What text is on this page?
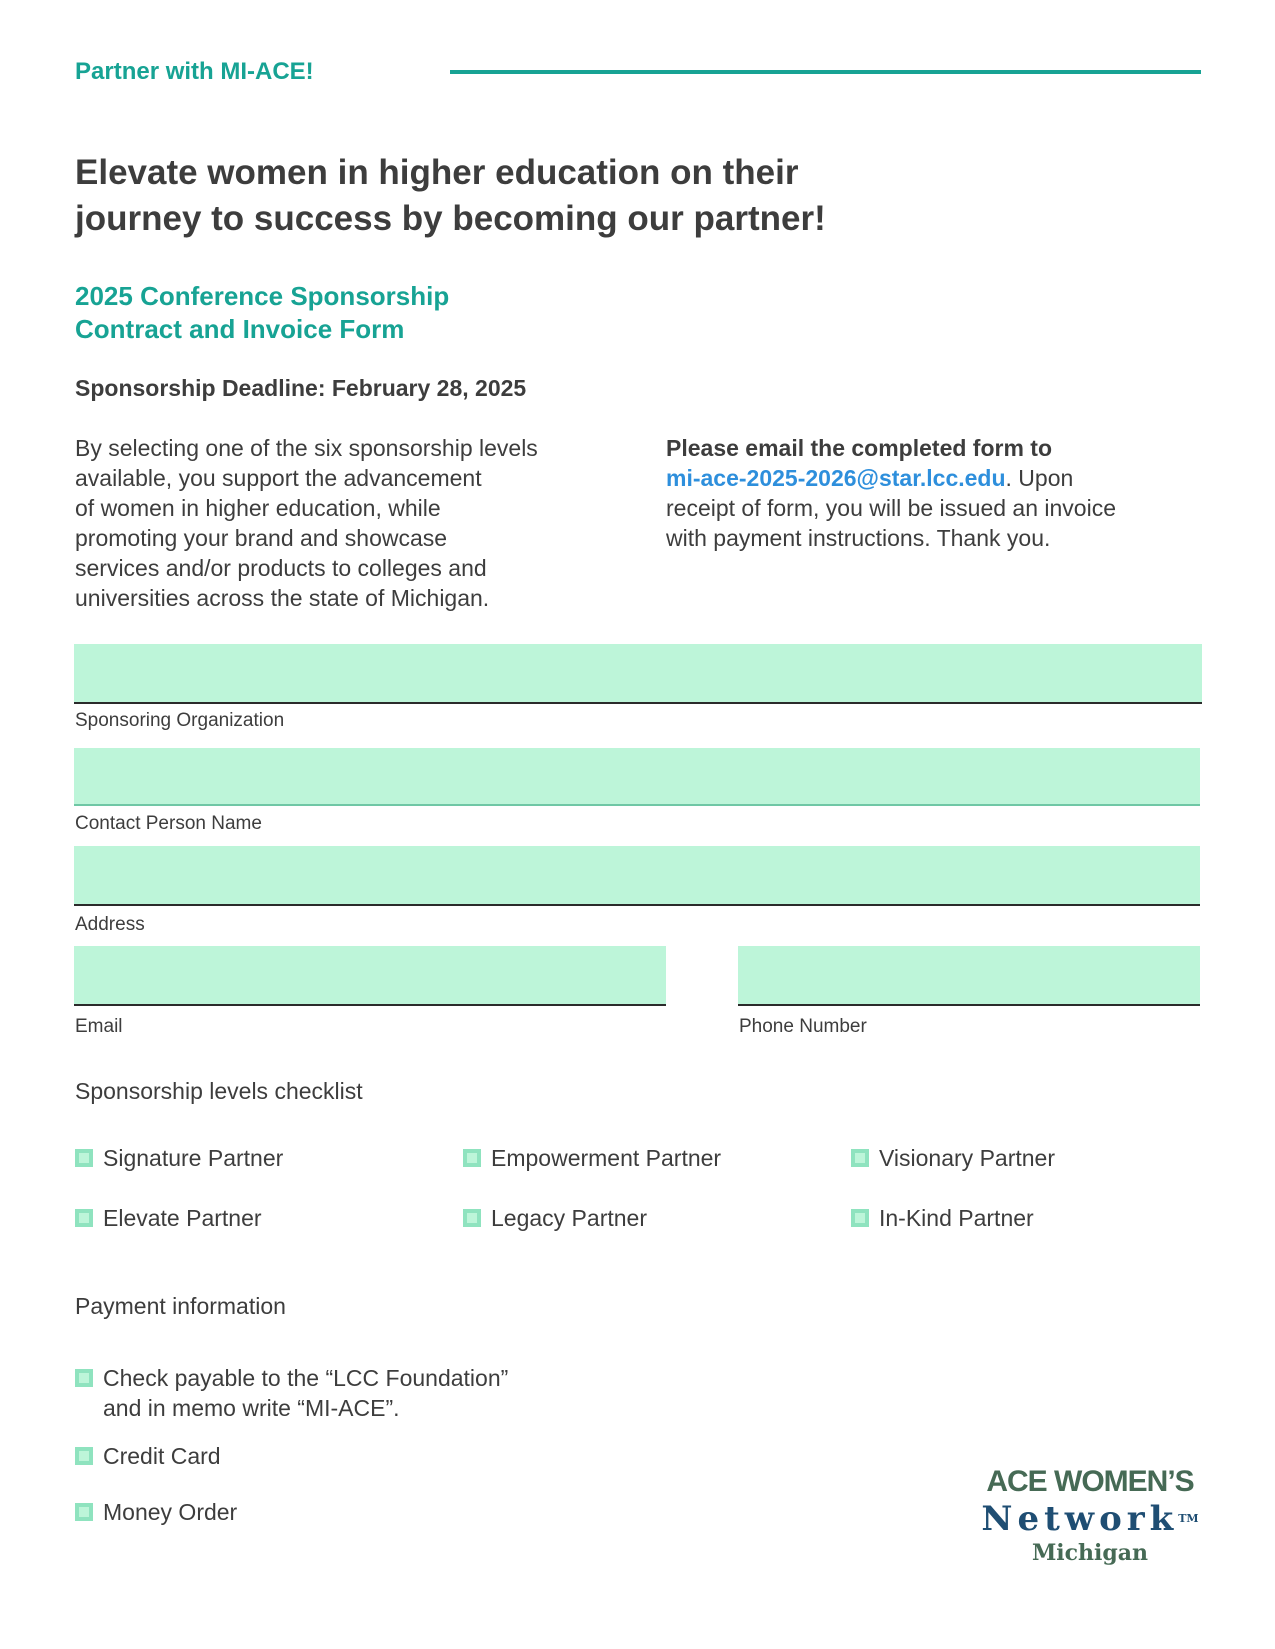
Partner with MI-ACE!
Elevate women in higher education on their
journey to success by becoming our partner!
2025 Conference Sponsorship
Contract and Invoice Form
Sponsorship Deadline: February 28, 2025

By selecting one of the six sponsorship levels
available, you support the advancement
of women in higher education, while
promoting your brand and showcase
services and/or products to colleges and
universities across the state of Michigan.

Please email the completed form to
mi-ace-2025-2026@star.lcc.edu. Upon
receipt of form, you will be issued an invoice
with payment instructions. Thank you.

Sponsoring Organization
Contact Person Name
Address
Email	Phone Number
Sponsorship levels checklist
Signature Partner	Empowerment Partner	Visionary Partner
Elevate Partner	Legacy Partner	In-Kind Partner
Payment information
Check payable to the “LCC Foundation”
and in memo write “MI-ACE”.
Credit Card
Money Order
ACE WOMEN’S
Network™
Michigan
